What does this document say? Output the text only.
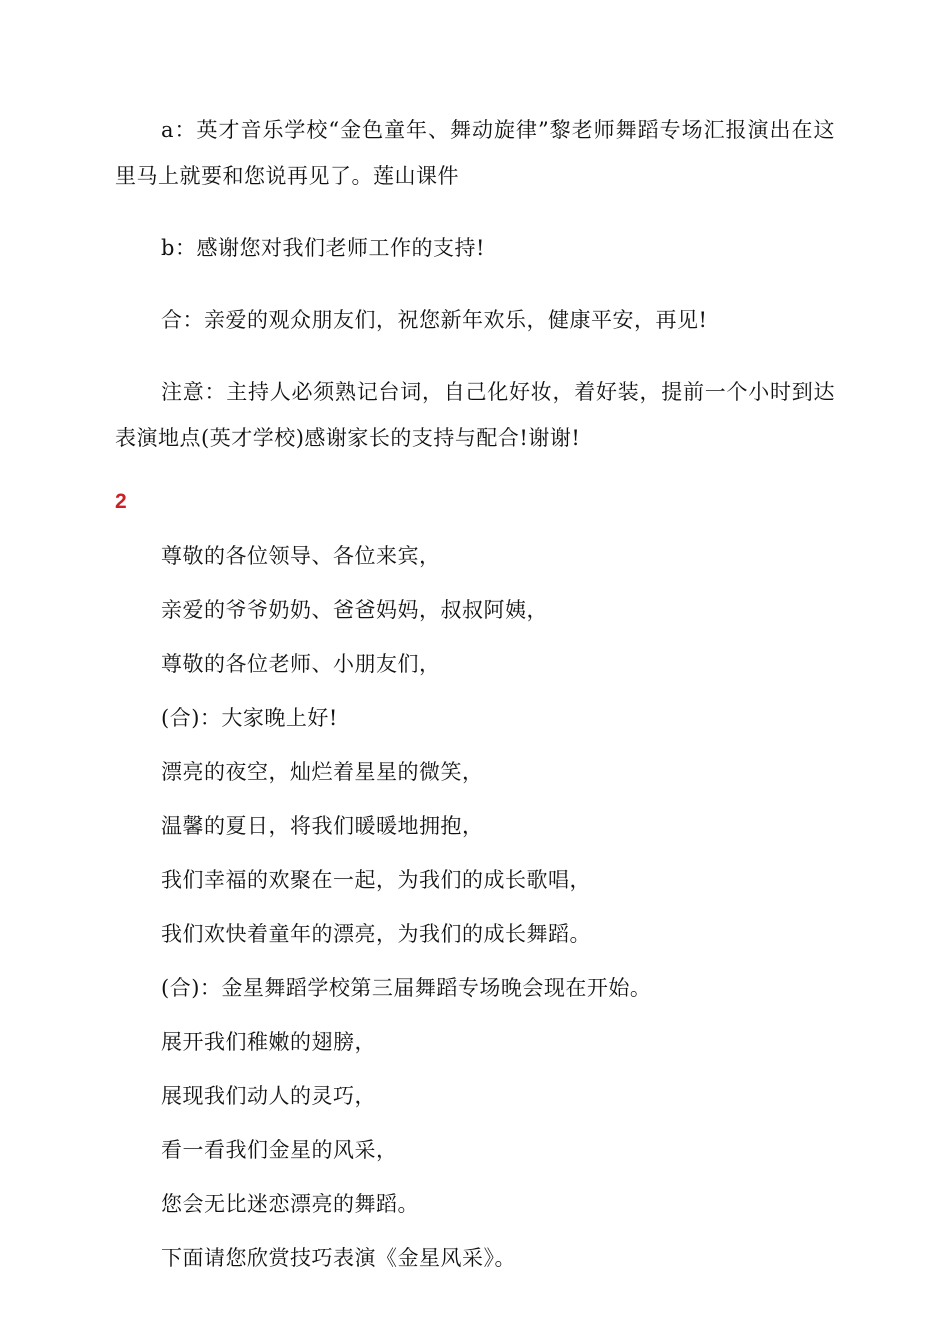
a：英才音乐学校“金色童年、舞动旋律”黎老师舞蹈专场汇报演出在这里马上就要和您说再见了。莲山课件

b：感谢您对我们老师工作的支持!

合：亲爱的观众朋友们，祝您新年欢乐，健康平安，再见!

注意：主持人必须熟记台词，自己化好妆，着好装，提前一个小时到达表演地点(英才学校)感谢家长的支持与配合!谢谢!

2

尊敬的各位领导、各位来宾，

亲爱的爷爷奶奶、爸爸妈妈，叔叔阿姨，

尊敬的各位老师、小朋友们，

(合)：大家晚上好!

漂亮的夜空，灿烂着星星的微笑，

温馨的夏日，将我们暖暖地拥抱，

我们幸福的欢聚在一起，为我们的成长歌唱，

我们欢快着童年的漂亮，为我们的成长舞蹈。

(合)：金星舞蹈学校第三届舞蹈专场晚会现在开始。

展开我们稚嫩的翅膀，

展现我们动人的灵巧，

看一看我们金星的风采，

您会无比迷恋漂亮的舞蹈。

下面请您欣赏技巧表演《金星风采》。
